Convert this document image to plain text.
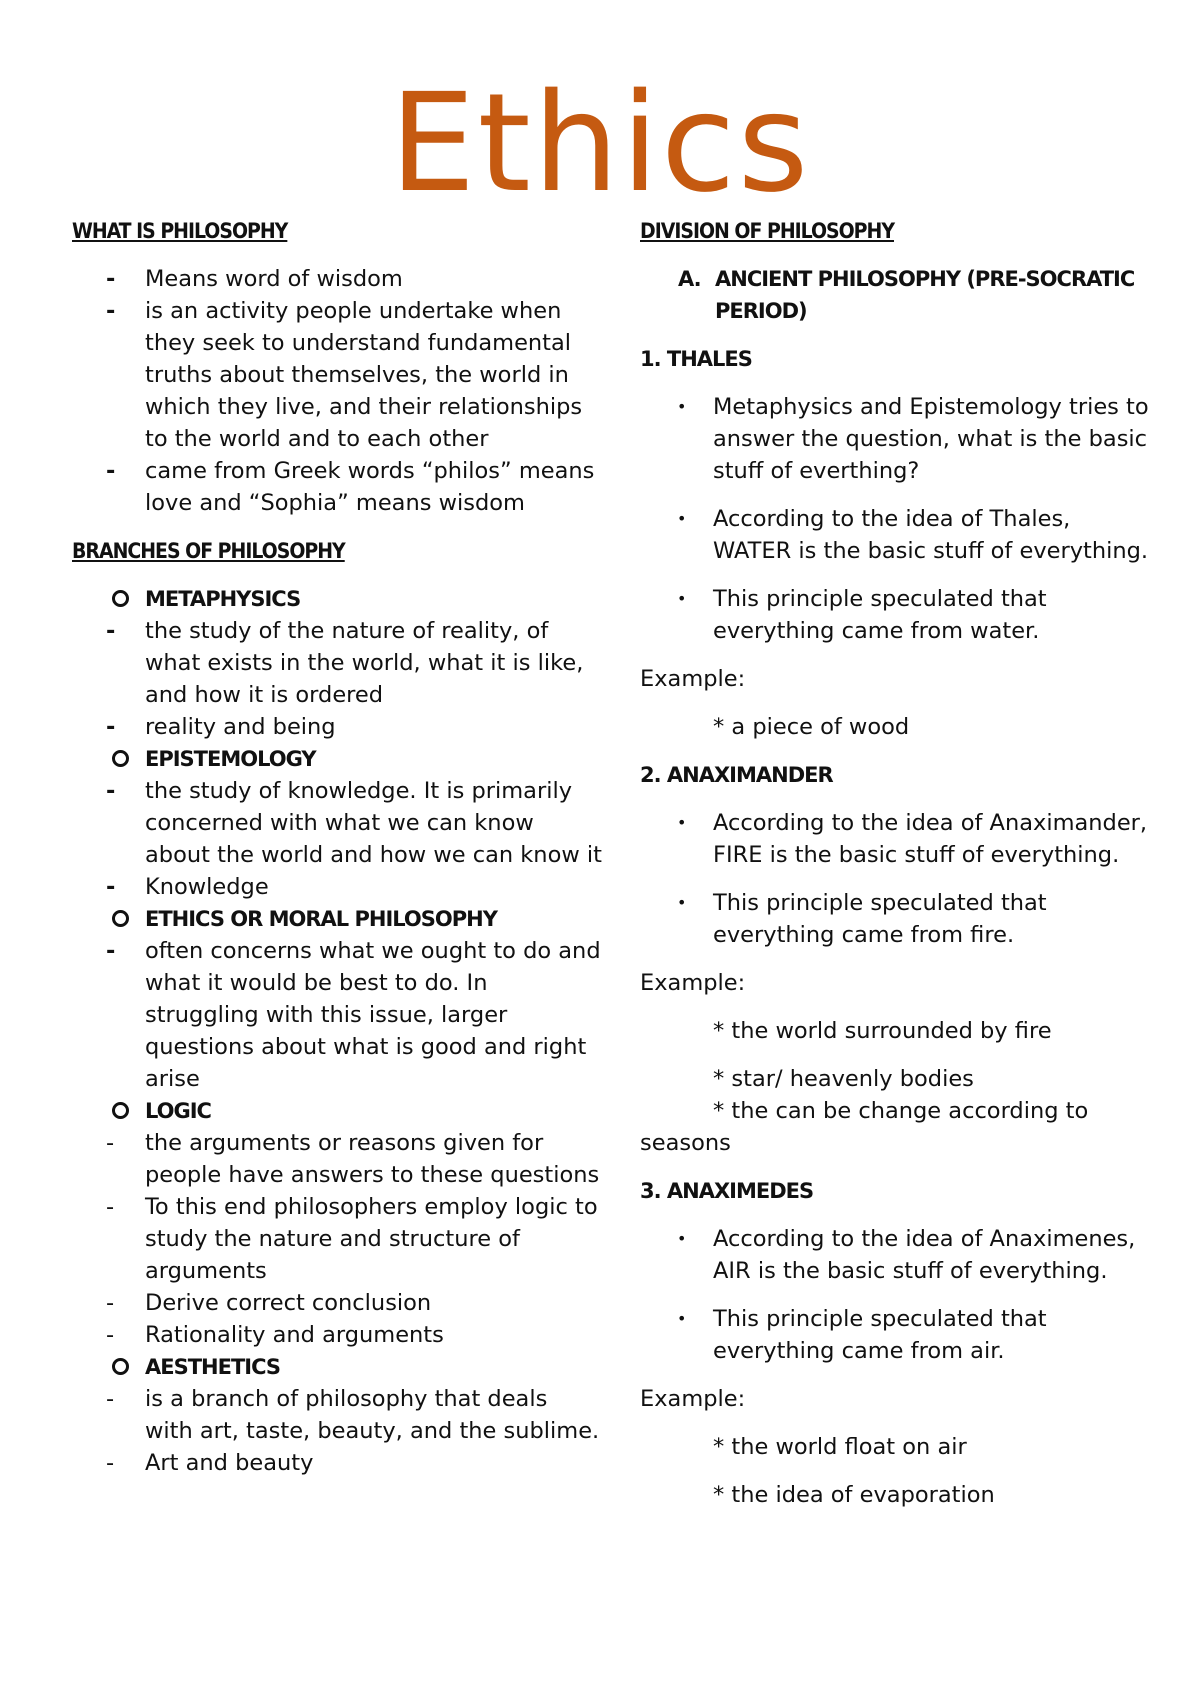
Ethics
WHAT IS PHILOSOPHY
-	Means word of wisdom
-	is an activity people undertake when they seek to understand fundamental truths about themselves, the world in which they live, and their relationships to the world and to each other
-	came from Greek words “philos” means love and “Sophia” means wisdom
BRANCHES OF PHILOSOPHY
METAPHYSICS
-	the study of the nature of reality, of what exists in the world, what it is like, and how it is ordered
-	reality and being
EPISTEMOLOGY
-	the study of knowledge. It is primarily concerned with what we can know about the world and how we can know it
-	Knowledge
ETHICS OR MORAL PHILOSOPHY
-	often concerns what we ought to do and what it would be best to do. In struggling with this issue, larger questions about what is good and right arise
LOGIC
-	the arguments or reasons given for people have answers to these questions
-	To this end philosophers employ logic to study the nature and structure of arguments
-	Derive correct conclusion
-	Rationality and arguments
AESTHETICS
-	is a branch of philosophy that deals with art, taste, beauty, and the sublime.
-	Art and beauty
DIVISION OF PHILOSOPHY
A. ANCIENT PHILOSOPHY (PRE-SOCRATIC PERIOD)
1. THALES
• Metaphysics and Epistemology tries to answer the question, what is the basic stuff of everthing?
• According to the idea of Thales, WATER is the basic stuff of everything.
• This principle speculated that everything came from water.
Example:
* a piece of wood
2. ANAXIMANDER
• According to the idea of Anaximander, FIRE is the basic stuff of everything.
• This principle speculated that everything came from fire.
Example:
* the world surrounded by fire
* star/ heavenly bodies
* the can be change according to seasons
3. ANAXIMEDES
• According to the idea of Anaximenes, AIR is the basic stuff of everything.
• This principle speculated that everything came from air.
Example:
* the world float on air
* the idea of evaporation
